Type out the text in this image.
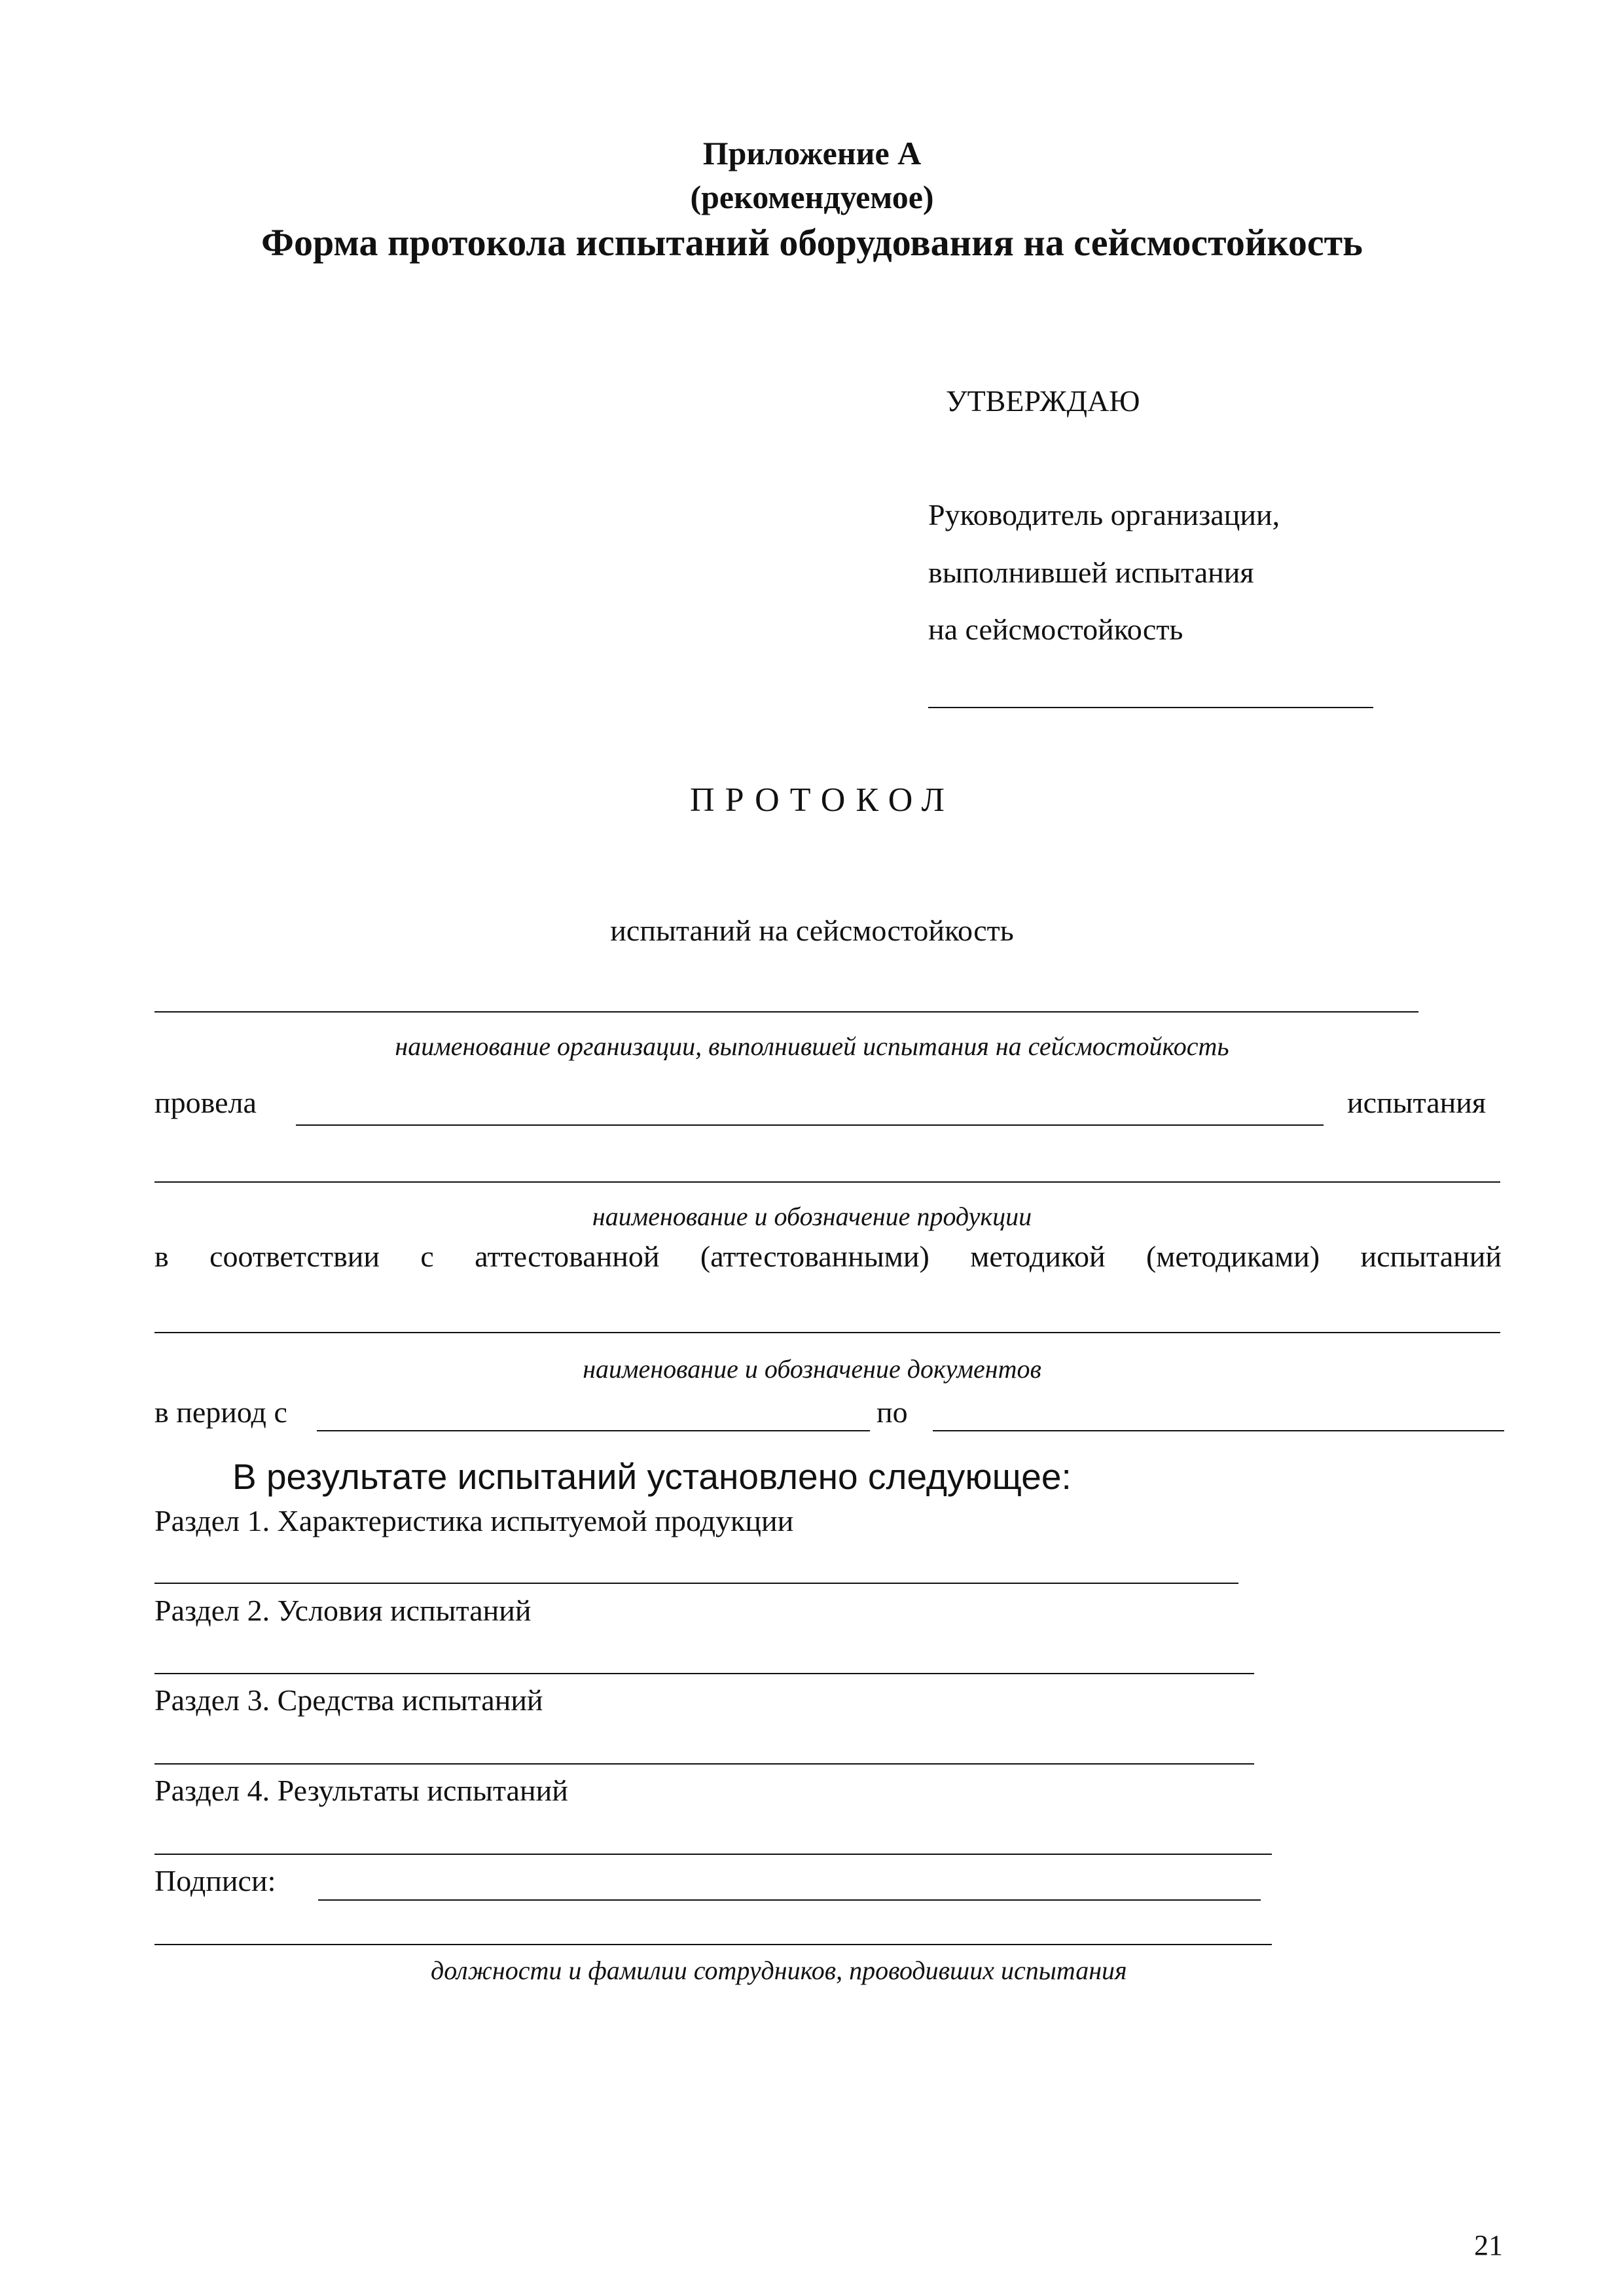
Приложение А

(рекомендуемое)

Форма протокола испытаний оборудования на сейсмостойкость

УТВЕРЖДАЮ

Руководитель организации,

выполнившей испытания

на сейсмостойкость

ПРОТОКОЛ

испытаний на сейсмостойкость

наименование организации, выполнившей испытания на сейсмостойкость

провела	испытания

наименование и обозначение продукции

в соответствии с аттестованной (аттестованными) методикой (методиками) испытаний

наименование и обозначение документов

в период с	по

В результате испытаний установлено следующее:

Раздел 1. Характеристика испытуемой продукции

Раздел 2. Условия испытаний

Раздел 3. Средства испытаний

Раздел 4. Результаты испытаний

Подписи:

должности и фамилии сотрудников, проводивших испытания

21
